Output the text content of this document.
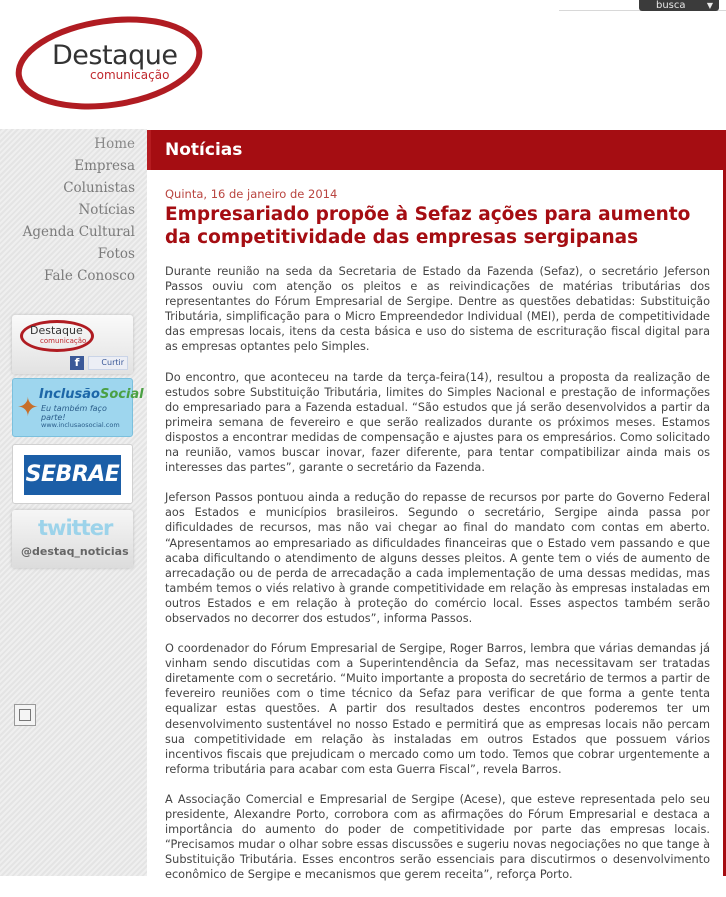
busca	▼
Destaque
comunicação
Home
Empresa
Colunistas
Notícias
Agenda Cultural
Fotos
Fale Conosco
Destaque
comunicação
f	Curtir
✦ InclusãoSocial
Eu também faço parte!
www.inclusaosocial.com
SEBRAE
twitter
@destaq_noticias
Notícias
Quinta, 16 de janeiro de 2014
Empresariado propõe à Sefaz ações para aumento da competitividade das empresas sergipanas

Durante reunião na seda da Secretaria de Estado da Fazenda (Sefaz), o secretário Jeferson Passos ouviu com atenção os pleitos e as reivindicações de matérias tributárias dos representantes do Fórum Empresarial de Sergipe. Dentre as questões debatidas: Substituição Tributária, simplificação para o Micro Empreendedor Individual (MEI), perda de competitividade das empresas locais, itens da cesta básica e uso do sistema de escrituração fiscal digital para as empresas optantes pelo Simples.

Do encontro, que aconteceu na tarde da terça-feira(14), resultou a proposta da realização de estudos sobre Substituição Tributária, limites do Simples Nacional e prestação de informações do empresariado para a Fazenda estadual. “São estudos que já serão desenvolvidos a partir da primeira semana de fevereiro e que serão realizados durante os próximos meses. Estamos dispostos a encontrar medidas de compensação e ajustes para os empresários. Como solicitado na reunião, vamos buscar inovar, fazer diferente, para tentar compatibilizar ainda mais os interesses das partes”, garante o secretário da Fazenda.

Jeferson Passos pontuou ainda a redução do repasse de recursos por parte do Governo Federal aos Estados e municípios brasileiros. Segundo o secretário, Sergipe ainda passa por dificuldades de recursos, mas não vai chegar ao final do mandato com contas em aberto. “Apresentamos ao empresariado as dificuldades financeiras que o Estado vem passando e que acaba dificultando o atendimento de alguns desses pleitos. A gente tem o viés de aumento de arrecadação ou de perda de arrecadação a cada implementação de uma dessas medidas, mas também temos o viés relativo à grande competitividade em relação às empresas instaladas em outros Estados e em relação à proteção do comércio local. Esses aspectos também serão observados no decorrer dos estudos”, informa Passos.

O coordenador do Fórum Empresarial de Sergipe, Roger Barros, lembra que várias demandas já vinham sendo discutidas com a Superintendência da Sefaz, mas necessitavam ser tratadas diretamente com o secretário. “Muito importante a proposta do secretário de termos a partir de fevereiro reuniões com o time técnico da Sefaz para verificar de que forma a gente tenta equalizar estas questões. A partir dos resultados destes encontros poderemos ter um desenvolvimento sustentável no nosso Estado e permitirá que as empresas locais não percam sua competitividade em relação às instaladas em outros Estados que possuem vários incentivos fiscais que prejudicam o mercado como um todo. Temos que cobrar urgentemente a reforma tributária para acabar com esta Guerra Fiscal”, revela Barros.

A Associação Comercial e Empresarial de Sergipe (Acese), que esteve representada pelo seu presidente, Alexandre Porto, corrobora com as afirmações do Fórum Empresarial e destaca a importância do aumento do poder de competitividade por parte das empresas locais. “Precisamos mudar o olhar sobre essas discussões e sugeriu novas negociações no que tange à Substituição Tributária. Esses encontros serão essenciais para discutirmos o desenvolvimento econômico de Sergipe e mecanismos que gerem receita”, reforça Porto.
